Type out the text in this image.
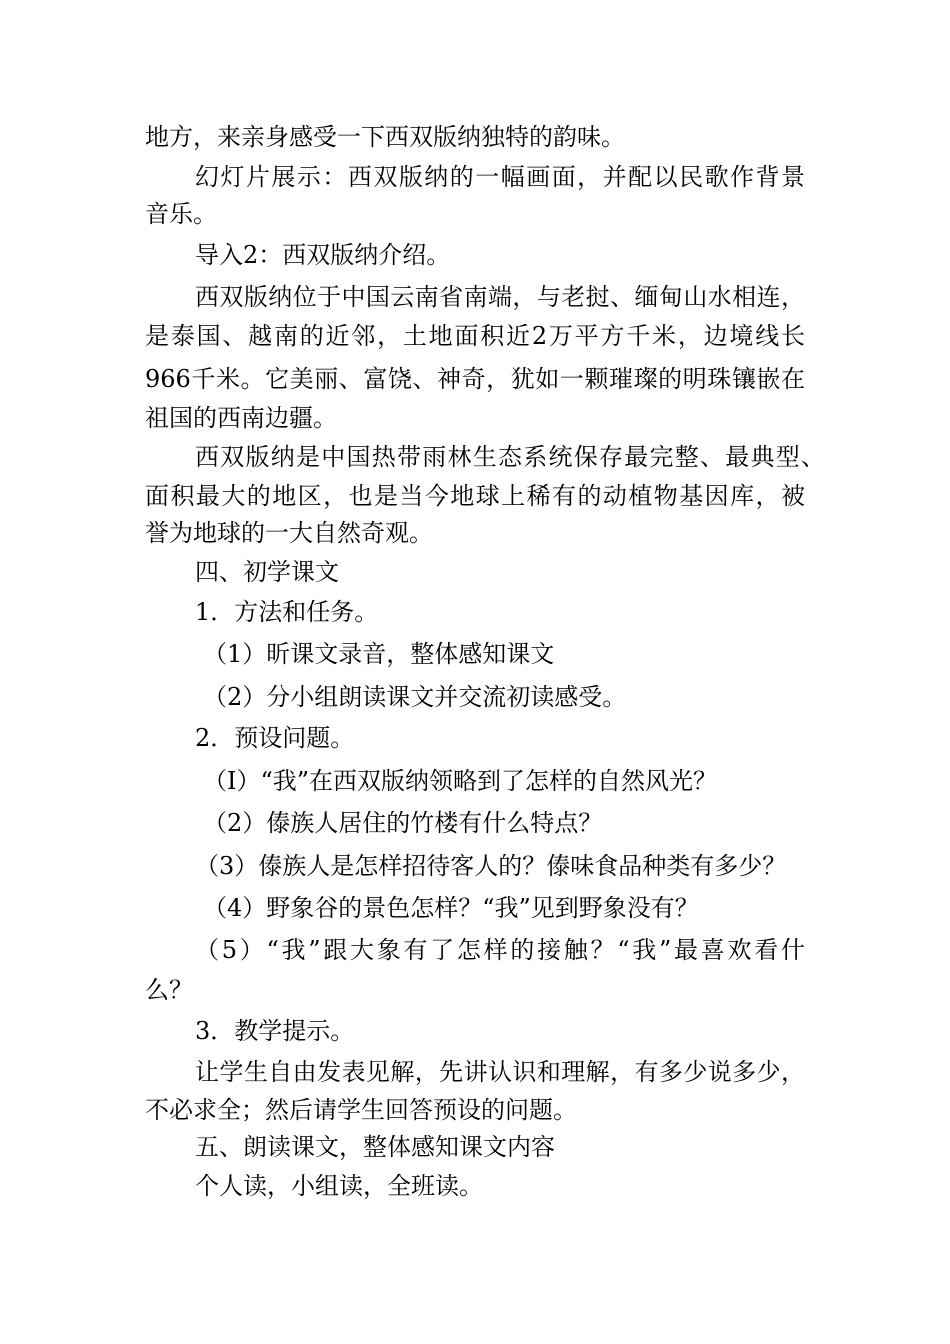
地方，来亲身感受一下西双版纳独特的韵味。
幻灯片展示：西双版纳的一幅画面，并配以民歌作背景
音乐。
导入2：西双版纳介绍。
西双版纳位于中国云南省南端，与老挝、缅甸山水相连，
是泰国、越南的近邻，土地面积近2万平方千米，边境线长
966千米。它美丽、富饶、神奇，犹如一颗璀璨的明珠镶嵌在
祖国的西南边疆。
西双版纳是中国热带雨林生态系统保存最完整、最典型、
面积最大的地区，也是当今地球上稀有的动植物基因库，被
誉为地球的一大自然奇观。
四、初学课文
1．方法和任务。
（1）昕课文录音，整体感知课文
（2）分小组朗读课文并交流初读感受。
2．预设问题。
（I）“我”在西双版纳领略到了怎样的自然风光？
（2）傣族人居住的竹楼有什么特点？
（3）傣族人是怎样招待客人的？傣味食品种类有多少？
（4）野象谷的景色怎样？“我”见到野象没有？
（5）“我”跟大象有了怎样的接触？“我”最喜欢看什
么？
3．教学提示。
让学生自由发表见解，先讲认识和理解，有多少说多少，
不必求全；然后请学生回答预设的问题。
五、朗读课文，整体感知课文内容
个人读，小组读，全班读。
